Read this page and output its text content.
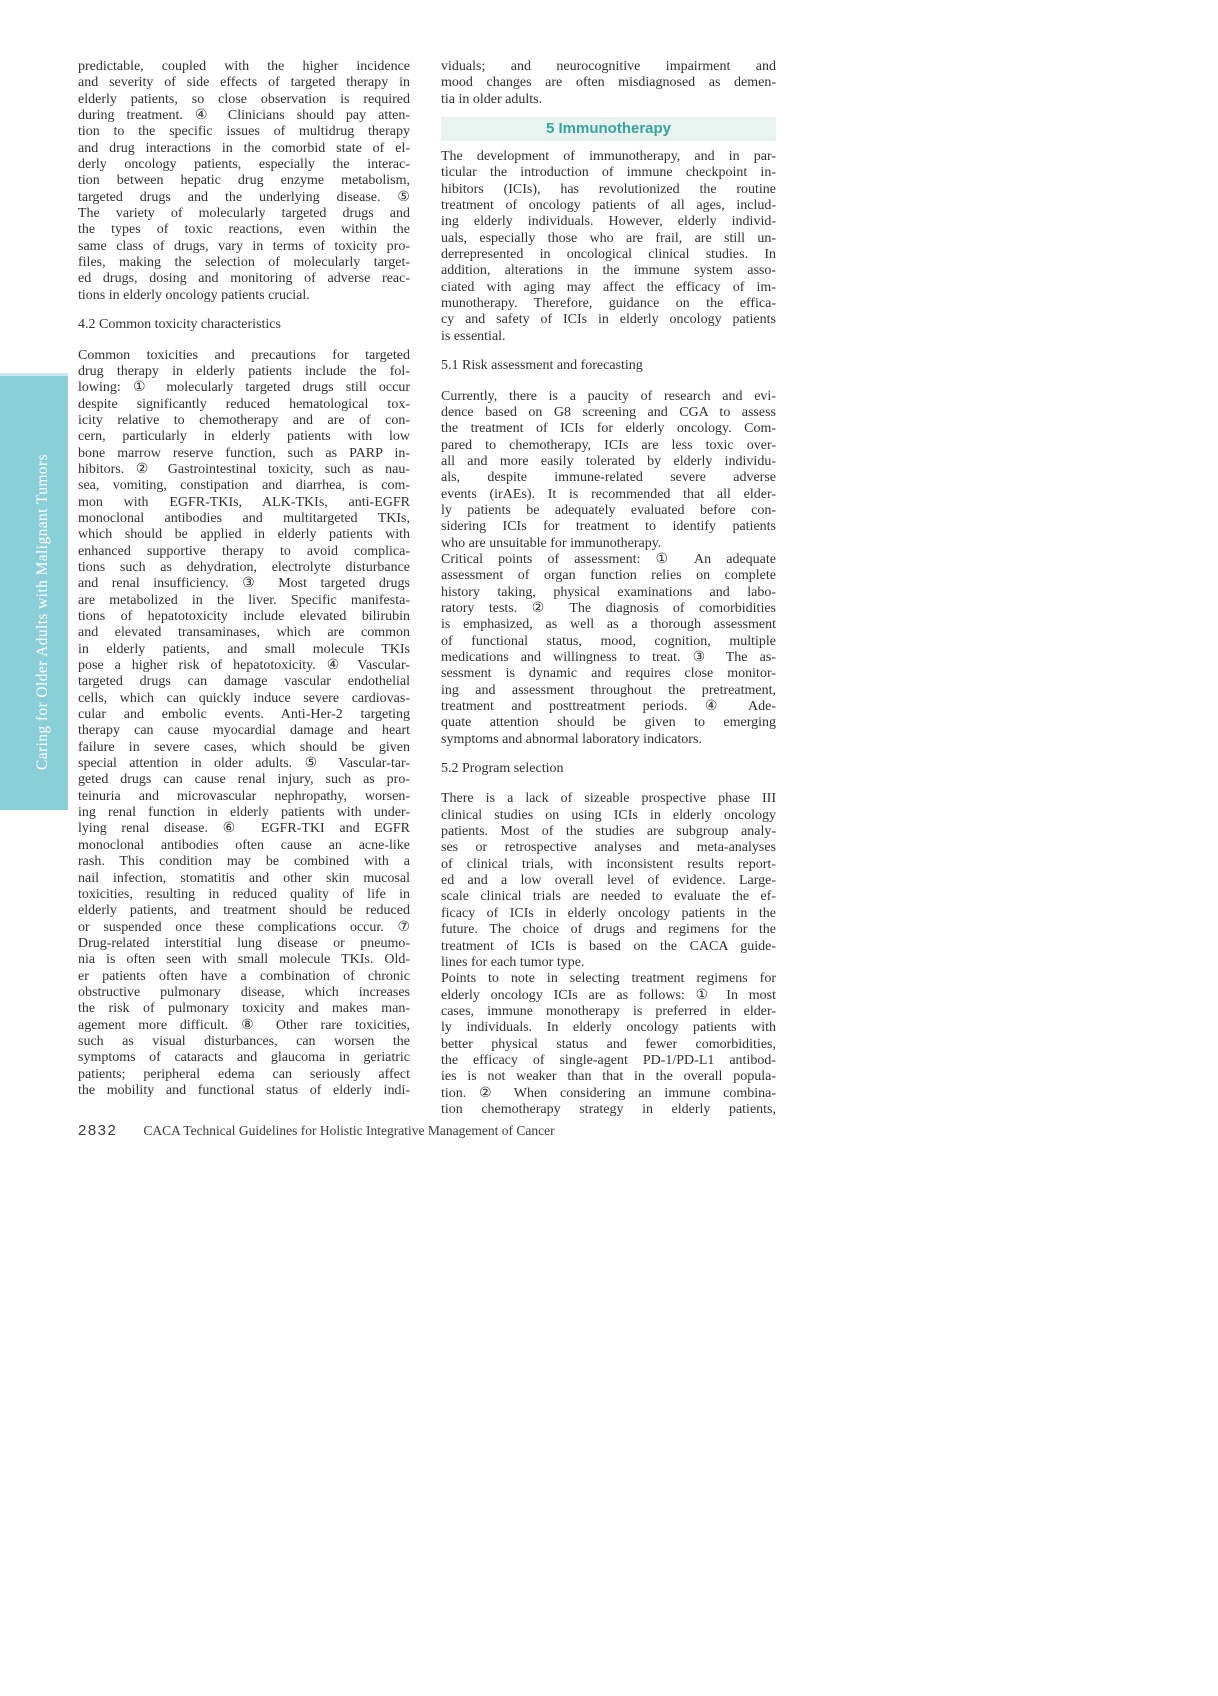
Caring for Older Adults with Malignant Tumors
predictable, coupled with the higher incidence
and severity of side effects of targeted therapy in
elderly patients, so close observation is required
during treatment. ④ Clinicians should pay atten-
tion to the specific issues of multidrug therapy
and drug interactions in the comorbid state of el-
derly oncology patients, especially the interac-
tion between hepatic drug enzyme metabolism,
targeted drugs and the underlying disease. ⑤
The variety of molecularly targeted drugs and
the types of toxic reactions, even within the
same class of drugs, vary in terms of toxicity pro-
files, making the selection of molecularly target-
ed drugs, dosing and monitoring of adverse reac-
tions in elderly oncology patients crucial.
4.2 Common toxicity characteristics
Common toxicities and precautions for targeted
drug therapy in elderly patients include the fol-
lowing: ① molecularly targeted drugs still occur
despite significantly reduced hematological tox-
icity relative to chemotherapy and are of con-
cern, particularly in elderly patients with low
bone marrow reserve function, such as PARP in-
hibitors. ② Gastrointestinal toxicity, such as nau-
sea, vomiting, constipation and diarrhea, is com-
mon with EGFR-TKIs, ALK-TKIs, anti-EGFR
monoclonal antibodies and multitargeted TKIs,
which should be applied in elderly patients with
enhanced supportive therapy to avoid complica-
tions such as dehydration, electrolyte disturbance
and renal insufficiency. ③ Most targeted drugs
are metabolized in the liver. Specific manifesta-
tions of hepatotoxicity include elevated bilirubin
and elevated transaminases, which are common
in elderly patients, and small molecule TKIs
pose a higher risk of hepatotoxicity. ④ Vascular-
targeted drugs can damage vascular endothelial
cells, which can quickly induce severe cardiovas-
cular and embolic events. Anti-Her-2 targeting
therapy can cause myocardial damage and heart
failure in severe cases, which should be given
special attention in older adults. ⑤ Vascular-tar-
geted drugs can cause renal injury, such as pro-
teinuria and microvascular nephropathy, worsen-
ing renal function in elderly patients with under-
lying renal disease. ⑥ EGFR-TKI and EGFR
monoclonal antibodies often cause an acne-like
rash. This condition may be combined with a
nail infection, stomatitis and other skin mucosal
toxicities, resulting in reduced quality of life in
elderly patients, and treatment should be reduced
or suspended once these complications occur. ⑦
Drug-related interstitial lung disease or pneumo-
nia is often seen with small molecule TKIs. Old-
er patients often have a combination of chronic
obstructive pulmonary disease, which increases
the risk of pulmonary toxicity and makes man-
agement more difficult. ⑧ Other rare toxicities,
such as visual disturbances, can worsen the
symptoms of cataracts and glaucoma in geriatric
patients; peripheral edema can seriously affect
the mobility and functional status of elderly indi-
viduals; and neurocognitive impairment and
mood changes are often misdiagnosed as demen-
tia in older adults.
5 Immunotherapy
The development of immunotherapy, and in par-
ticular the introduction of immune checkpoint in-
hibitors (ICIs), has revolutionized the routine
treatment of oncology patients of all ages, includ-
ing elderly individuals. However, elderly individ-
uals, especially those who are frail, are still un-
derrepresented in oncological clinical studies. In
addition, alterations in the immune system asso-
ciated with aging may affect the efficacy of im-
munotherapy. Therefore, guidance on the effica-
cy and safety of ICIs in elderly oncology patients
is essential.
5.1 Risk assessment and forecasting
Currently, there is a paucity of research and evi-
dence based on G8 screening and CGA to assess
the treatment of ICIs for elderly oncology. Com-
pared to chemotherapy, ICIs are less toxic over-
all and more easily tolerated by elderly individu-
als, despite immune-related severe adverse
events (irAEs). It is recommended that all elder-
ly patients be adequately evaluated before con-
sidering ICIs for treatment to identify patients
who are unsuitable for immunotherapy.
Critical points of assessment: ① An adequate
assessment of organ function relies on complete
history taking, physical examinations and labo-
ratory tests. ② The diagnosis of comorbidities
is emphasized, as well as a thorough assessment
of functional status, mood, cognition, multiple
medications and willingness to treat. ③ The as-
sessment is dynamic and requires close monitor-
ing and assessment throughout the pretreatment,
treatment and posttreatment periods. ④ Ade-
quate attention should be given to emerging
symptoms and abnormal laboratory indicators.
5.2 Program selection
There is a lack of sizeable prospective phase III
clinical studies on using ICIs in elderly oncology
patients. Most of the studies are subgroup analy-
ses or retrospective analyses and meta-analyses
of clinical trials, with inconsistent results report-
ed and a low overall level of evidence. Large-
scale clinical trials are needed to evaluate the ef-
ficacy of ICIs in elderly oncology patients in the
future. The choice of drugs and regimens for the
treatment of ICIs is based on the CACA guide-
lines for each tumor type.
Points to note in selecting treatment regimens for
elderly oncology ICIs are as follows: ① In most
cases, immune monotherapy is preferred in elder-
ly individuals. In elderly oncology patients with
better physical status and fewer comorbidities,
the efficacy of single-agent PD-1/PD-L1 antibod-
ies is not weaker than that in the overall popula-
tion. ② When considering an immune combina-
tion chemotherapy strategy in elderly patients,
2832 CACA Technical Guidelines for Holistic Integrative Management of Cancer
